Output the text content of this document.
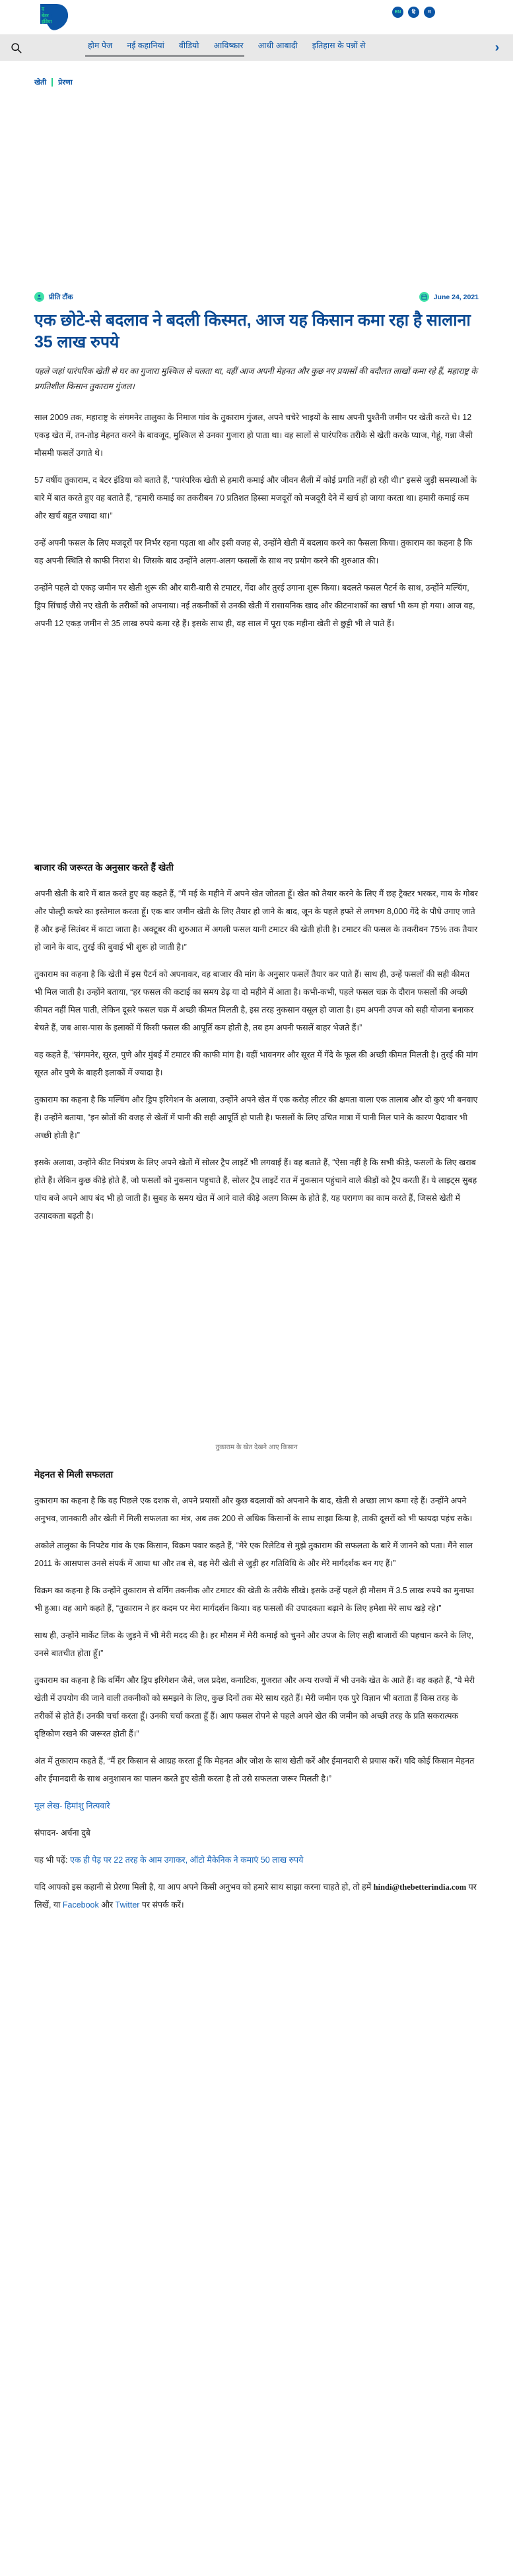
द
बेटर
इंडिया
EN	हि	म
होम पेज नई कहानियां वीडियो आविष्कार आधी आबादी इतिहास के पन्नों से	›
खेती प्रेरणा
प्रीति टौंक	June 24, 2021
एक छोटे-से बदलाव ने बदली किस्मत, आज यह किसान कमा रहा है सालाना 35 लाख रुपये
पहले जहां पारंपरिक खेती से घर का गुजारा मुश्किल से चलता था, वहीं आज अपनी मेहनत और कुछ नए प्रयासों की बदौलत लाखों कमा रहे हैं, महाराष्ट्र के प्रगतिशील किसान तुकाराम गुंजल।

साल 2009 तक, महाराष्ट्र के संगमनेर तालुका के निमाज गांव के तुकाराम गुंजल, अपने चचेरे भाइयों के साथ अपनी पुश्तैनी जमीन पर खेती करते थे। 12 एकड़ खेत में, तन-तोड़ मेहनत करने के बावजूद, मुश्किल से उनका गुजारा हो पाता था। वह सालों से पारंपरिक तरीके से खेती करके प्याज, गेहूं, गन्ना जैसी मौसमी फसलें उगाते थे।

57 वर्षीय तुकाराम, द बेटर इंडिया को बताते हैं, “पारंपरिक खेती से हमारी कमाई और जीवन शैली में कोई प्रगति नहीं हो रही थी।” इससे जुड़ी समस्याओं के बारे में बात करते हुए वह बताते हैं, “हमारी कमाई का तकरीबन 70 प्रतिशत हिस्सा मजदूरों को मजदूरी देने में खर्च हो जाया करता था। हमारी कमाई कम और खर्च बहुत ज्यादा था।”

उन्हें अपनी फसल के लिए मजदूरों पर निर्भर रहना पड़ता था और इसी वजह से, उन्होंने खेती में बदलाव करने का फैसला किया। तुकाराम का कहना है कि वह अपनी स्थिति से काफी निराश थे। जिसके बाद उन्होंने अलग-अलग फसलों के साथ नए प्रयोग करने की शुरुआत की।

उन्होंने पहले दो एकड़ जमीन पर खेती शुरू की और बारी-बारी से टमाटर, गेंदा और तुरई उगाना शुरू किया। बदलते फसल पैटर्न के साथ, उन्होंने मल्चिंग, ड्रिप सिंचाई जैसे नए खेती के तरीकों को अपनाया। नई तकनीकों से उनकी खेती में रासायनिक खाद और कीटनाशकों का खर्चा भी कम हो गया। आज वह, अपनी 12 एकड़ जमीन से 35 लाख रुपये कमा रहे हैं। इसके साथ ही, वह साल में पूरा एक महीना खेती से छुट्टी भी ले पाते हैं।

बाजार की जरूरत के अनुसार करते हैं खेती

अपनी खेती के बारे में बात करते हुए वह कहते हैं, “मैं मई के महीने में अपने खेत जोतता हूँ। खेत को तैयार करने के लिए मैं छह ट्रैक्टर भरकर, गाय के गोबर और पोल्ट्री कचरे का इस्तेमाल करता हूँ। एक बार जमीन खेती के लिए तैयार हो जाने के बाद, जून के पहले हफ्ते से लगभग 8,000 गेंदे के पौधे उगाए जाते हैं और इन्हें सितंबर में काटा जाता है। अक्टूबर की शुरुआत में अगली फसल यानी टमाटर की खेती होती है। टमाटर की फसल के तकरीबन 75% तक तैयार हो जाने के बाद, तुरई की बुवाई भी शुरू हो जाती है।”

तुकाराम का कहना है कि खेती में इस पैटर्न को अपनाकर, वह बाजार की मांग के अनुसार फसलें तैयार कर पाते हैं। साथ ही, उन्हें फसलों की सही कीमत भी मिल जाती है। उन्होंने बताया, “हर फसल की कटाई का समय डेढ़ या दो महीने में आता है। कभी-कभी, पहले फसल चक्र के दौरान फसलों की अच्छी कीमत नहीं मिल पाती, लेकिन दूसरे फसल चक्र में अच्छी कीमत मिलती है, इस तरह नुकसान वसूल हो जाता है। हम अपनी उपज को सही योजना बनाकर बेचते हैं, जब आस-पास के इलाकों में किसी फसल की आपूर्ति कम होती है, तब हम अपनी फसलें बाहर भेजते हैं।”

वह कहते हैं, “संगमनेर, सूरत, पुणे और मुंबई में टमाटर की काफी मांग है। वहीं भावनगर और सूरत में गेंदे के फूल की अच्छी कीमत मिलती है। तुरई की मांग सूरत और पुणे के बाहरी इलाकों में ज्यादा है।

तुकाराम का कहना है कि मल्चिंग और ड्रिप इरिगेशन के अलावा, उन्होंने अपने खेत में एक करोड़ लीटर की क्षमता वाला एक तालाब और दो कुएं भी बनवाए हैं। उन्होंने बताया, “इन स्रोतों की वजह से खेतों में पानी की सही आपूर्ति हो पाती है। फसलों के लिए उचित मात्रा में पानी मिल पाने के कारण पैदावार भी अच्छी होती है।”

इसके अलावा, उन्होंने कीट नियंत्रण के लिए अपने खेतों में सोलर ट्रैप लाइटें भी लगवाई हैं। वह बताते हैं, “ऐसा नहीं है कि सभी कीड़े, फसलों के लिए खराब होते हैं। लेकिन कुछ कीड़े होते हैं, जो फसलों को नुकसान पहुचाते हैं, सोलर ट्रैप लाइटें रात में नुकसान पहुंचाने वाले कीड़ों को ट्रैप करती हैं। ये लाइट्स सुबह पांच बजे अपने आप बंद भी हो जाती हैं। सुबह के समय खेत में आने वाले कीड़े अलग किस्म के होते हैं, यह परागण का काम करते हैं, जिससे खेती में उत्पादकता बढ़ती है।

तुकाराम के खेत देखने आए किसान
मेहनत से मिली सफलता

तुकाराम का कहना है कि वह पिछले एक दशक से, अपने प्रयासों और कुछ बदलावों को अपनाने के बाद, खेती से अच्छा लाभ कमा रहे हैं। उन्होंने अपने अनुभव, जानकारी और खेती में मिली सफलता का मंत्र, अब तक 200 से अधिक किसानों के साथ साझा किया है, ताकी दूसरों को भी फायदा पहंच सके।

अकोले तालुका के निपटेव गांव के एक किसान, विक्रम पवार कहते हैं, “मेरे एक रिलेटिव से मुझे तुकाराम की सफलता के बारे में जानने को पता। मैंने साल 2011 के आसपास उनसे संपर्क में आया था और तब से, वह मेरी खेती से जुड़ी हर गतिविधि के और मेरे मार्गदर्शक बन गए हैं।”

विक्रम का कहना है कि उन्होंने तुकाराम से वर्मिंग तकनीक और टमाटर की खेती के तरीके सीखे। इसके उन्हें पहले ही मौसम में 3.5 लाख रुपये का मुनाफा भी हुआ। वह आगे कहते हैं, “तुकाराम ने हर कदम पर मेरा मार्गदर्शन किया। वह फसलों की उपादकता बढ़ाने के लिए हमेशा मेरे साथ खड़े रहे।”

साथ ही, उन्होंने मार्केट लिंक के जुड़ने में भी मेरी मदद की है। हर मौसम में मेरी कमाई को चुनने और उपज के लिए सही बाजारों की पहचान करने के लिए, उनसे बातचीत होता हूँ।”

तुकाराम का कहना है कि वर्मिंग और ड्रिप इरिगेशन जैसे, जल प्रदेश, कनाटिक, गुजरात और अन्य राज्यों में भी उनके खेत के आते हैं। वह कहते हैं, “ये मेरी खेती में उपयोग की जाने वाली तकनीकों को समझने के लिए, कुछ दिनों तक मेरे साथ रहते हैं। मेरी जमीन एक पुरे विज्ञान भी बताता हैं किस तरह के तरीकों से होते हैं। उनकी चर्चा करता हूँ। उनकी चर्चा करता हूँ हैं। आप फसल रोपने से पहले अपने खेत की जमीन को अच्छी तरह के प्रति सकरात्मक दृष्टिकोण रखने की जरूरत होती हैं।”

अंत में तुकाराम कहते हैं, “मैं हर किसान से आग्रह करता हूँ कि मेहनत और जोश के साथ खेती करें और ईमानदारी से प्रयास करें। यदि कोई किसान मेहनत और ईमानदारी के साथ अनुशासन का पालन करते हुए खेती करता है तो उसे सफलता जरूर मिलती है।”

मूल लेख- हिमांशु नित्यवारे

संपादन- अर्चना दुबे

यह भी पढ़ें: एक ही पेड़ पर 22 तरह के आम उगाकर, ऑटो मैकेनिक ने कमाएं 50 लाख रुपये

यदि आपको इस कहानी से प्रेरणा मिली है, या आप अपने किसी अनुभव को हमारे साथ साझा करना चाहते हो, तो हमें hindi@thebetterindia.com पर लिखें, या Facebook और Twitter पर संपर्क करें।
